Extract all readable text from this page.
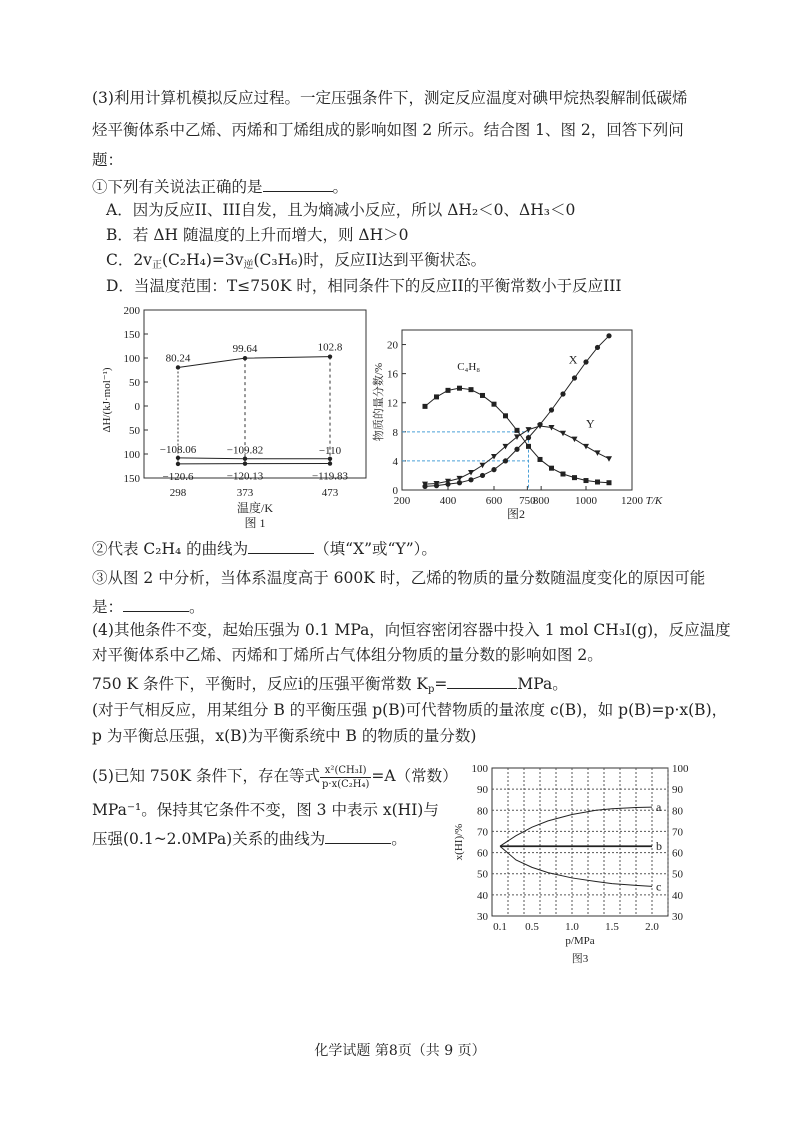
(3)利用计算机模拟反应过程。一定压强条件下，测定反应温度对碘甲烷热裂解制低碳烯
烃平衡体系中乙烯、丙烯和丁烯组成的影响如图 2 所示。结合图 1、图 2，回答下列问
题：
①下列有关说法正确的是	。
A．因为反应II、III自发，且为熵减小反应，所以 ΔH₂＜0、ΔH₃＜0
B．若 ΔH 随温度的上升而增大，则 ΔH＞0
C．$2v_正(C_2H_4)=3v_逆(C_3H_6)$时，反应II达到平衡状态。
D．当温度范围：T≤750K 时，相同条件下的反应II的平衡常数小于反应III
200
150
100
50
0
50
100
150
298	373	473
80.24
99.64	102.8
−108.06	−109.82	−110
−120.6	−120.13	−119.83
ΔH/(kJ·mol⁻¹)
温度/K
图 1
0
4
8
12
16
20
200	400	600 750
800 1000 1200 T/K
C₄H₈
X
Y
物质的量分数/%
图2
②代表 C₂H₄ 的曲线为	（填“X”或“Y”）。
③从图 2 中分析，当体系温度高于 600K 时，乙烯的物质的量分数随温度变化的原因可能
是：	。
(4)其他条件不变，起始压强为 0.1 MPa，向恒容密闭容器中投入 1 mol CH₃I(g)，反应温度
对平衡体系中乙烯、丙烯和丁烯所占气体组分物质的量分数的影响如图 2。
750 K 条件下，平衡时，反应i的压强平衡常数 $K_p=$	MPa。
(对于气相反应，用某组分 B 的平衡压强 p(B)可代替物质的量浓度 c(B)，如 p(B)=p·x(B)，
p 为平衡总压强，x(B)为平衡系统中 B 的物质的量分数)
(5)已知 750K 条件下，存在等式 $\frac{\text{x²(CH₃I)}}{\text{p·x(C₂H₄)}} =A$（常数）
MPa⁻¹。保持其它条件不变，图 3 中表示 x(HI)与
压强(0.1~2.0MPa)关系的曲线为	。
100	100
90	90
80	80
70	70
60	60
50	50
40	40
30	30
0.1 0.5 1.0 1.5 2.0
a
b
c
x(HI)/%
p/MPa
图3
化学试题 第8页（共 9 页）
